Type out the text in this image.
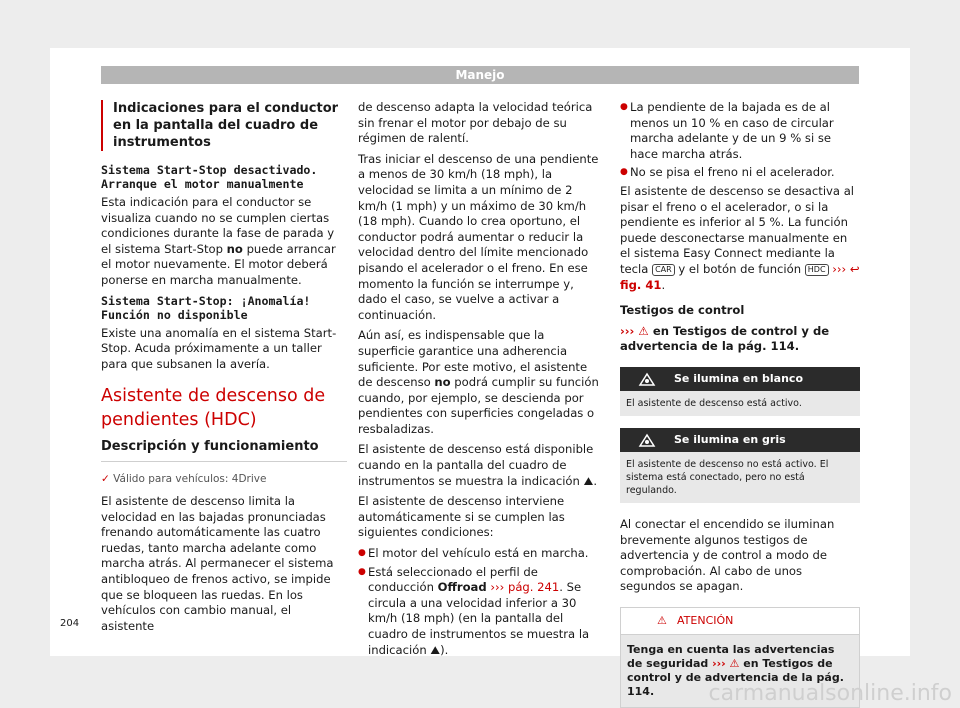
Manejo
Indicaciones para el conductor en la pantalla del cuadro de instrumentos
Sistema Start-Stop desactivado. Arranque el motor manualmente

Esta indicación para el conductor se visualiza cuando no se cumplen ciertas condiciones durante la fase de parada y el sistema Start-Stop no puede arrancar el motor nuevamente. El motor deberá ponerse en marcha manualmente.

Sistema Start-Stop: ¡Anomalía! Función no disponible

Existe una anomalía en el sistema Start-Stop. Acuda próximamente a un taller para que subsanen la avería.

Asistente de descenso de pendientes (HDC)
Descripción y funcionamiento
✓ Válido para vehículos: 4Drive

El asistente de descenso limita la velocidad en las bajadas pronunciadas frenando automáticamente las cuatro ruedas, tanto marcha adelante como marcha atrás. Al permanecer el sistema antibloqueo de frenos activo, se impide que se bloqueen las ruedas. En los vehículos con cambio manual, el asistente

de descenso adapta la velocidad teórica sin frenar el motor por debajo de su régimen de ralentí.

Tras iniciar el descenso de una pendiente a menos de 30 km/h (18 mph), la velocidad se limita a un mínimo de 2 km/h (1 mph) y un máximo de 30 km/h (18 mph). Cuando lo crea oportuno, el conductor podrá aumentar o reducir la velocidad dentro del límite mencionado pisando el acelerador o el freno. En ese momento la función se interrumpe y, dado el caso, se vuelve a activar a continuación.

Aún así, es indispensable que la superficie garantice una adherencia suficiente. Por este motivo, el asistente de descenso no podrá cumplir su función cuando, por ejemplo, se descienda por pendientes con superficies congeladas o resbaladizas.

El asistente de descenso está disponible cuando en la pantalla del cuadro de instrumentos se muestra la indicación ⛰.

El asistente de descenso interviene automáticamente si se cumplen las siguientes condiciones:

● El motor del vehículo está en marcha.
● Está seleccionado el perfil de conducción Offroad ››› pág. 241. Se circula a una velocidad inferior a 30 km/h (18 mph) (en la pantalla del cuadro de instrumentos se muestra la indicación ⛰).
● La pendiente de la bajada es de al menos un 10 % en caso de circular marcha adelante y de un 9 % si se hace marcha atrás.
● No se pisa el freno ni el acelerador.

El asistente de descenso se desactiva al pisar el freno o el acelerador, o si la pendiente es inferior al 5 %. La función puede desconectarse manualmente en el sistema Easy Connect mediante la tecla CAR y el botón de función HDC ››› ↩ fig. 41.

Testigos de control

››› ⚠ en Testigos de control y de advertencia de la pág. 114.

Se ilumina en blanco
El asistente de descenso está activo.
Se ilumina en gris
El asistente de descenso no está activo. El sistema está conectado, pero no está regulando.

Al conectar el encendido se iluminan brevemente algunos testigos de advertencia y de control a modo de comprobación. Al cabo de unos segundos se apagan.

⚠ ATENCIÓN
Tenga en cuenta las advertencias de seguridad ››› ⚠ en Testigos de control y de advertencia de la pág. 114.
204
carmanualsonline.info
